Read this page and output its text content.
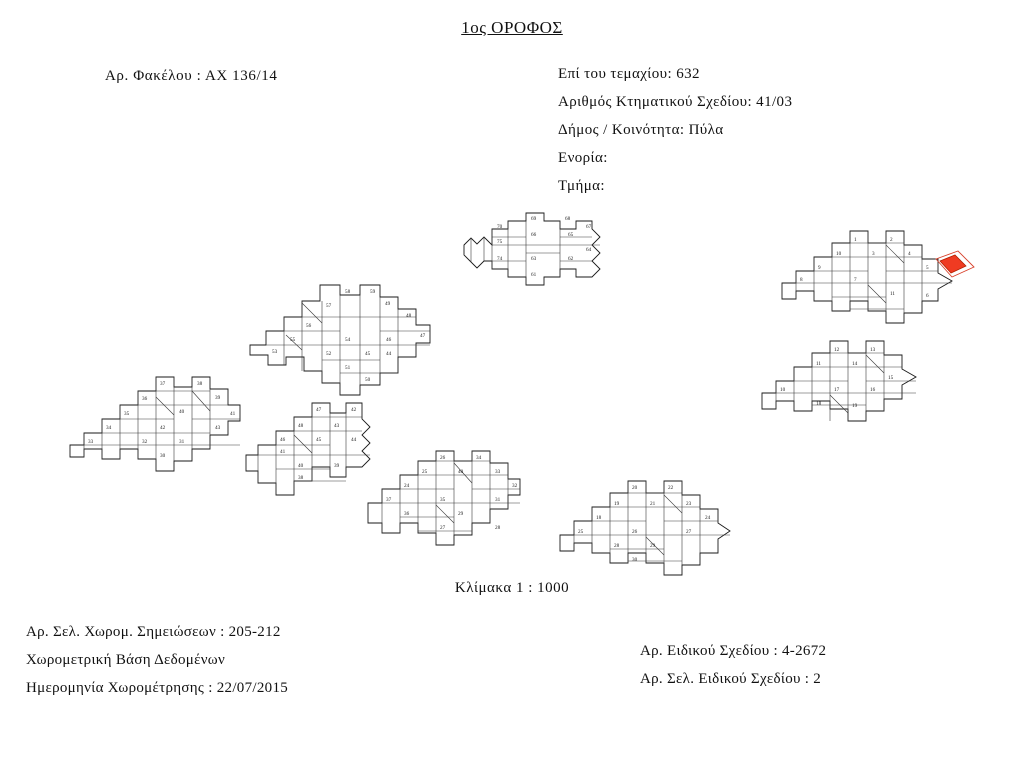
1ος ΟΡΟΦΟΣ
Αρ. Φακέλου : ΑΧ 136/14	Επί του τεμαχίου: 632
Αριθμός Κτηματικού Σχεδίου: 41/03
Δήμος / Κοινότητα: Πύλα
Ενορία:
Τμήμα:
70
69	68
67
75
66	65
64
74	63	62
61
58	59
57	49
48
56
47
55	54	46
53	52	45	44
51
50
37	38
36	39
35	40	41
34	42	43
33	32	31
30
47	42
48	43
46	45	44
41
40	39
38
26	34
25	40	33
24	32
37	35	31
36	29
27	28
20	22
19	21	23
18	24
25	26	27
28	29
30
1	2
10	3	4
9	5
8	7
6
11
12	13
11	14
15
10	17	16
18	19
Κλίμακα 1 : 1000
Αρ. Σελ. Χωρομ. Σημειώσεων : 205-212
Χωρομετρική Βάση Δεδομένων
Ημερομηνία Χωρομέτρησης : 22/07/2015
Αρ. Ειδικού Σχεδίου : 4-2672
Αρ. Σελ. Ειδικού Σχεδίου : 2
